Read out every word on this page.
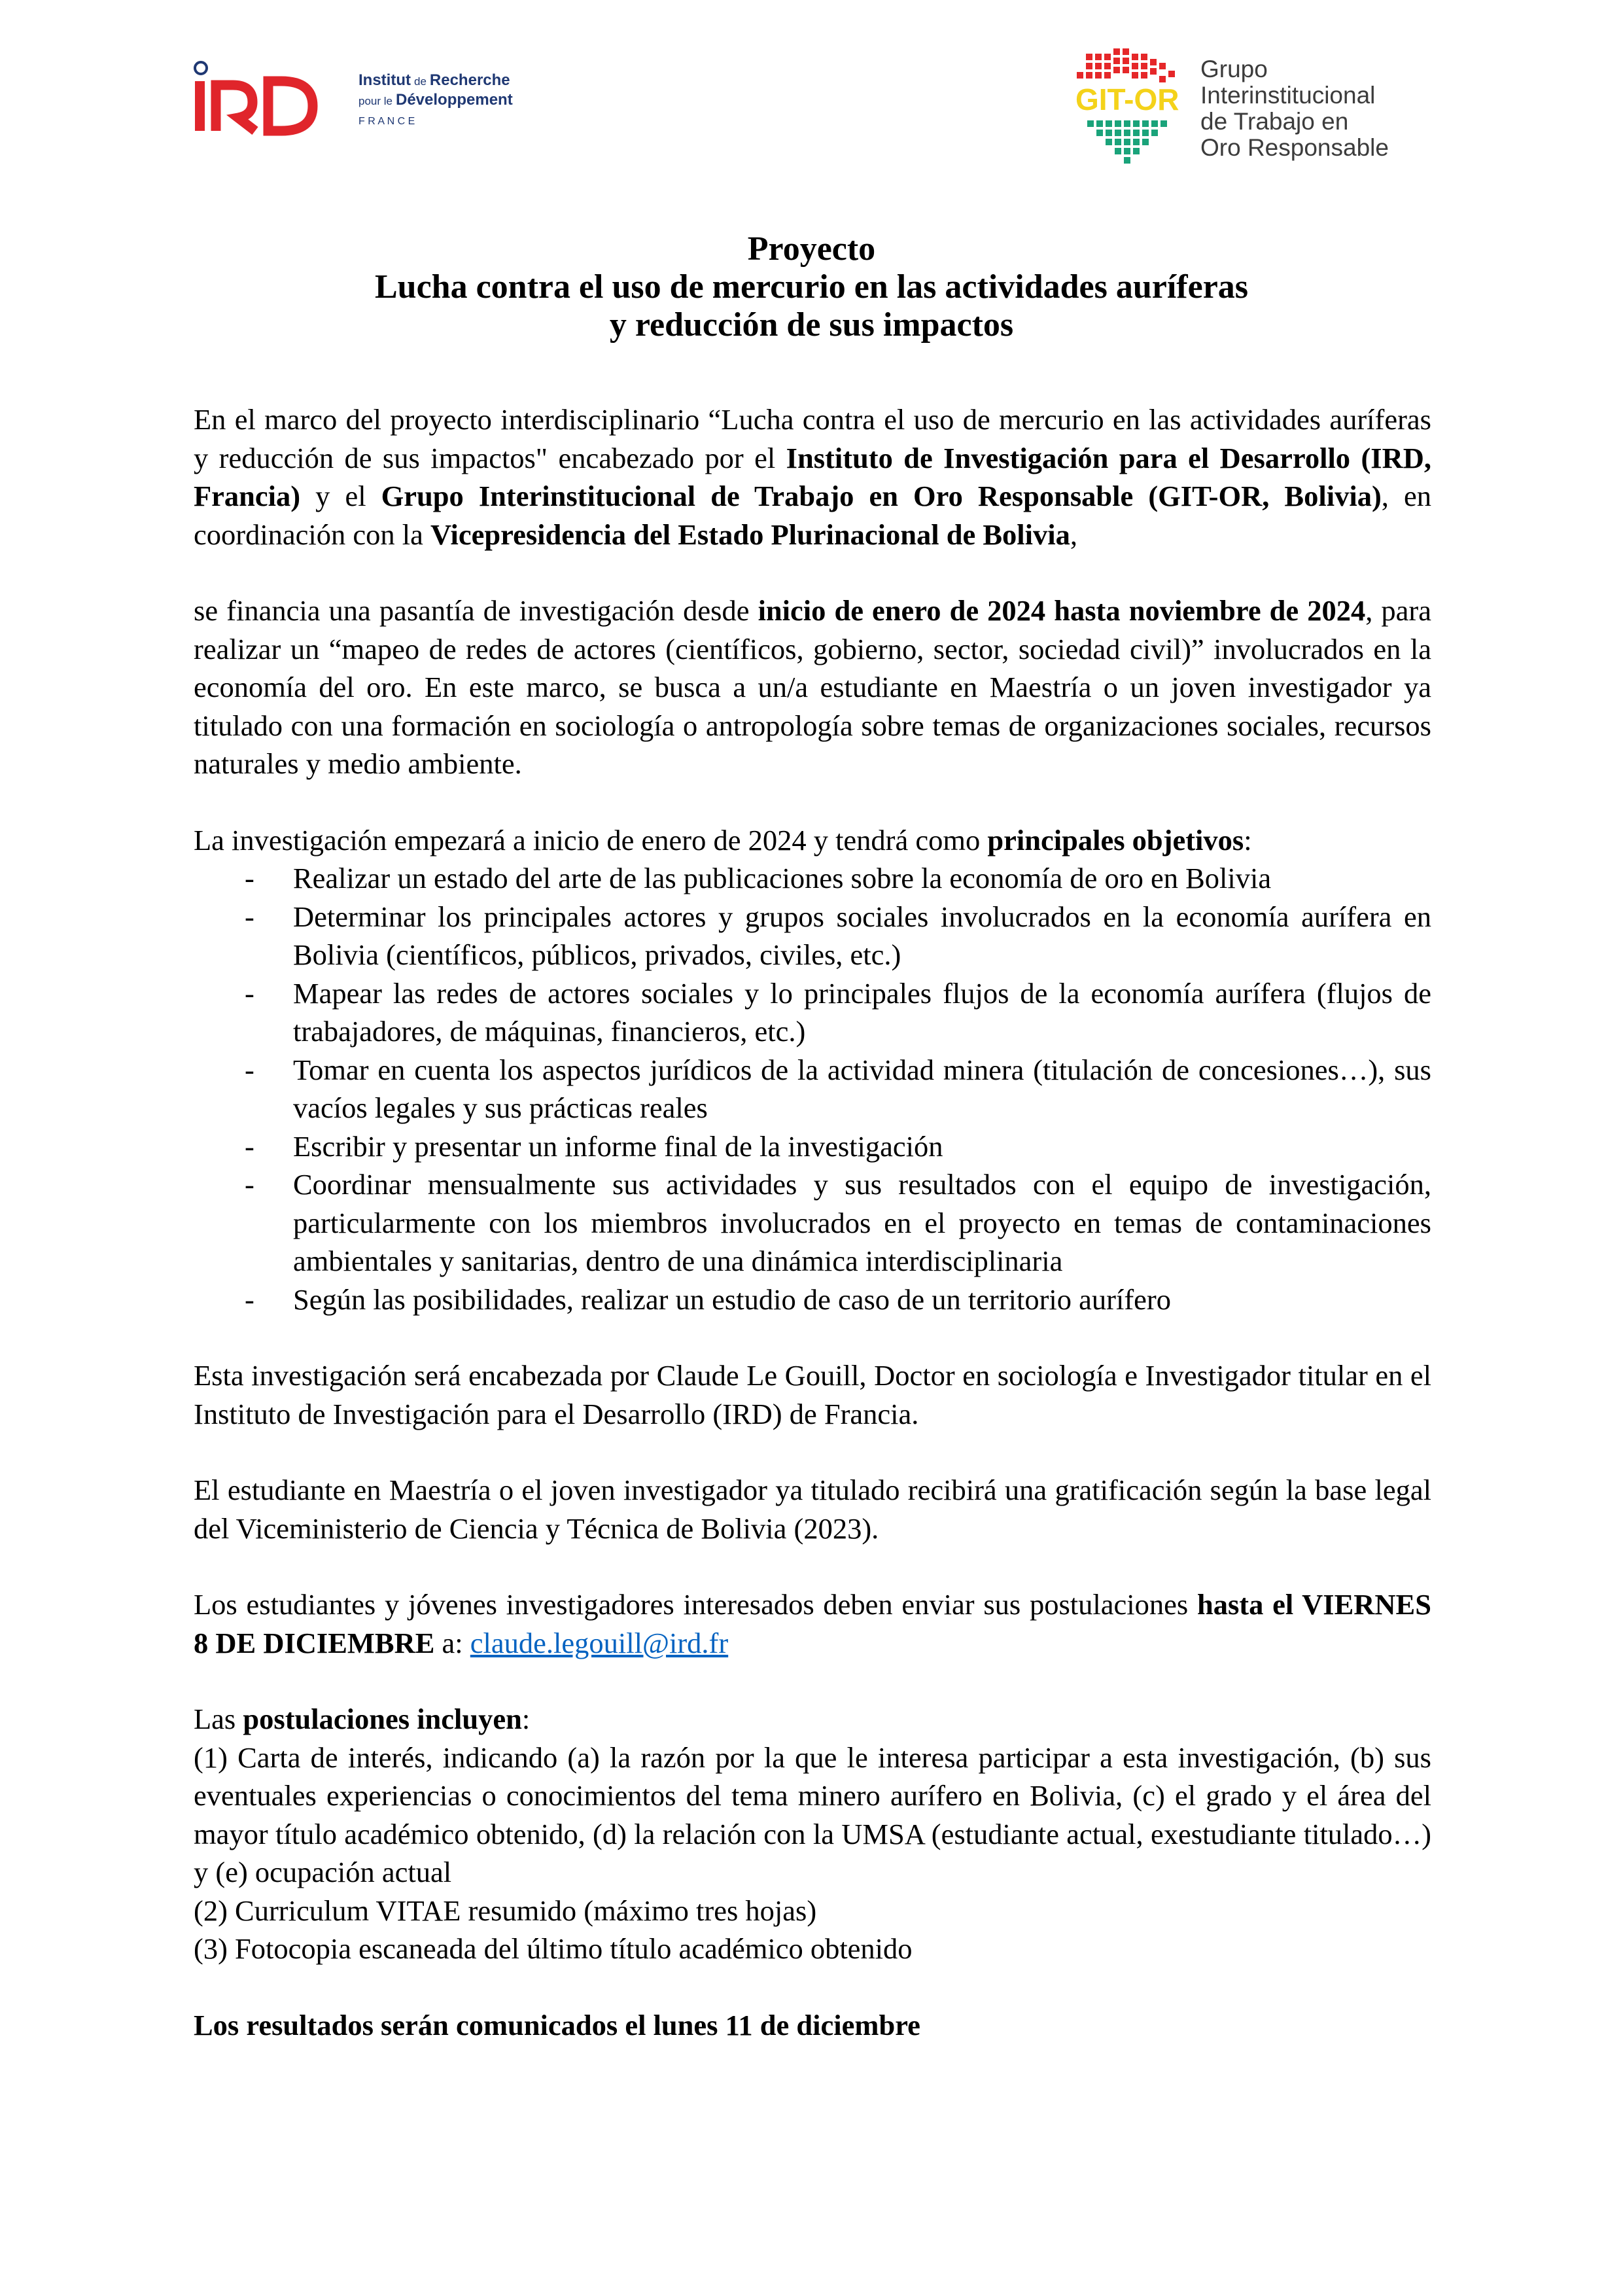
Institut de Recherche
pour le Développement
F R A N C E
GIT-OR
Grupo
Interinstitucional
de Trabajo en
Oro Responsable
Proyecto
Lucha contra el uso de mercurio en las actividades auríferas
y reducción de sus impactos

En el marco del proyecto interdisciplinario “Lucha contra el uso de mercurio en las actividades auríferas y reducción de sus impactos" encabezado por el Instituto de Investigación para el Desarrollo (IRD, Francia) y el Grupo Interinstitucional de Trabajo en Oro Responsable (GIT-OR, Bolivia), en coordinación con la Vicepresidencia del Estado Plurinacional de Bolivia,

se financia una pasantía de investigación desde inicio de enero de 2024 hasta noviembre de 2024, para realizar un “mapeo de redes de actores (científicos, gobierno, sector, sociedad civil)” involucrados en la economía del oro. En este marco, se busca a un/a estudiante en Maestría o un joven investigador ya titulado con una formación en sociología o antropología sobre temas de organizaciones sociales, recursos naturales y medio ambiente.

La investigación empezará a inicio de enero de 2024 y tendrá como principales objetivos:

- Realizar un estado del arte de las publicaciones sobre la economía de oro en Bolivia
- Determinar los principales actores y grupos sociales involucrados en la economía aurífera en Bolivia (científicos, públicos, privados, civiles, etc.)
- Mapear las redes de actores sociales y lo principales flujos de la economía aurífera (flujos de trabajadores, de máquinas, financieros, etc.)
- Tomar en cuenta los aspectos jurídicos de la actividad minera (titulación de concesiones…), sus vacíos legales y sus prácticas reales
- Escribir y presentar un informe final de la investigación
- Coordinar mensualmente sus actividades y sus resultados con el equipo de investigación, particularmente con los miembros involucrados en el proyecto en temas de contaminaciones ambientales y sanitarias, dentro de una dinámica interdisciplinaria
- Según las posibilidades, realizar un estudio de caso de un territorio aurífero

Esta investigación será encabezada por Claude Le Gouill, Doctor en sociología e Investigador titular en el Instituto de Investigación para el Desarrollo (IRD) de Francia.

El estudiante en Maestría o el joven investigador ya titulado recibirá una gratificación según la base legal del Viceministerio de Ciencia y Técnica de Bolivia (2023).

Los estudiantes y jóvenes investigadores interesados deben enviar sus postulaciones hasta el VIERNES 8 DE DICIEMBRE a: claude.legouill@ird.fr

Las postulaciones incluyen:

(1) Carta de interés, indicando (a) la razón por la que le interesa participar a esta investigación, (b) sus eventuales experiencias o conocimientos del tema minero aurífero en Bolivia, (c) el grado y el área del mayor título académico obtenido, (d) la relación con la UMSA (estudiante actual, exestudiante titulado…) y (e) ocupación actual

(2) Curriculum VITAE resumido (máximo tres hojas)

(3) Fotocopia escaneada del último título académico obtenido

Los resultados serán comunicados el lunes 11 de diciembre
